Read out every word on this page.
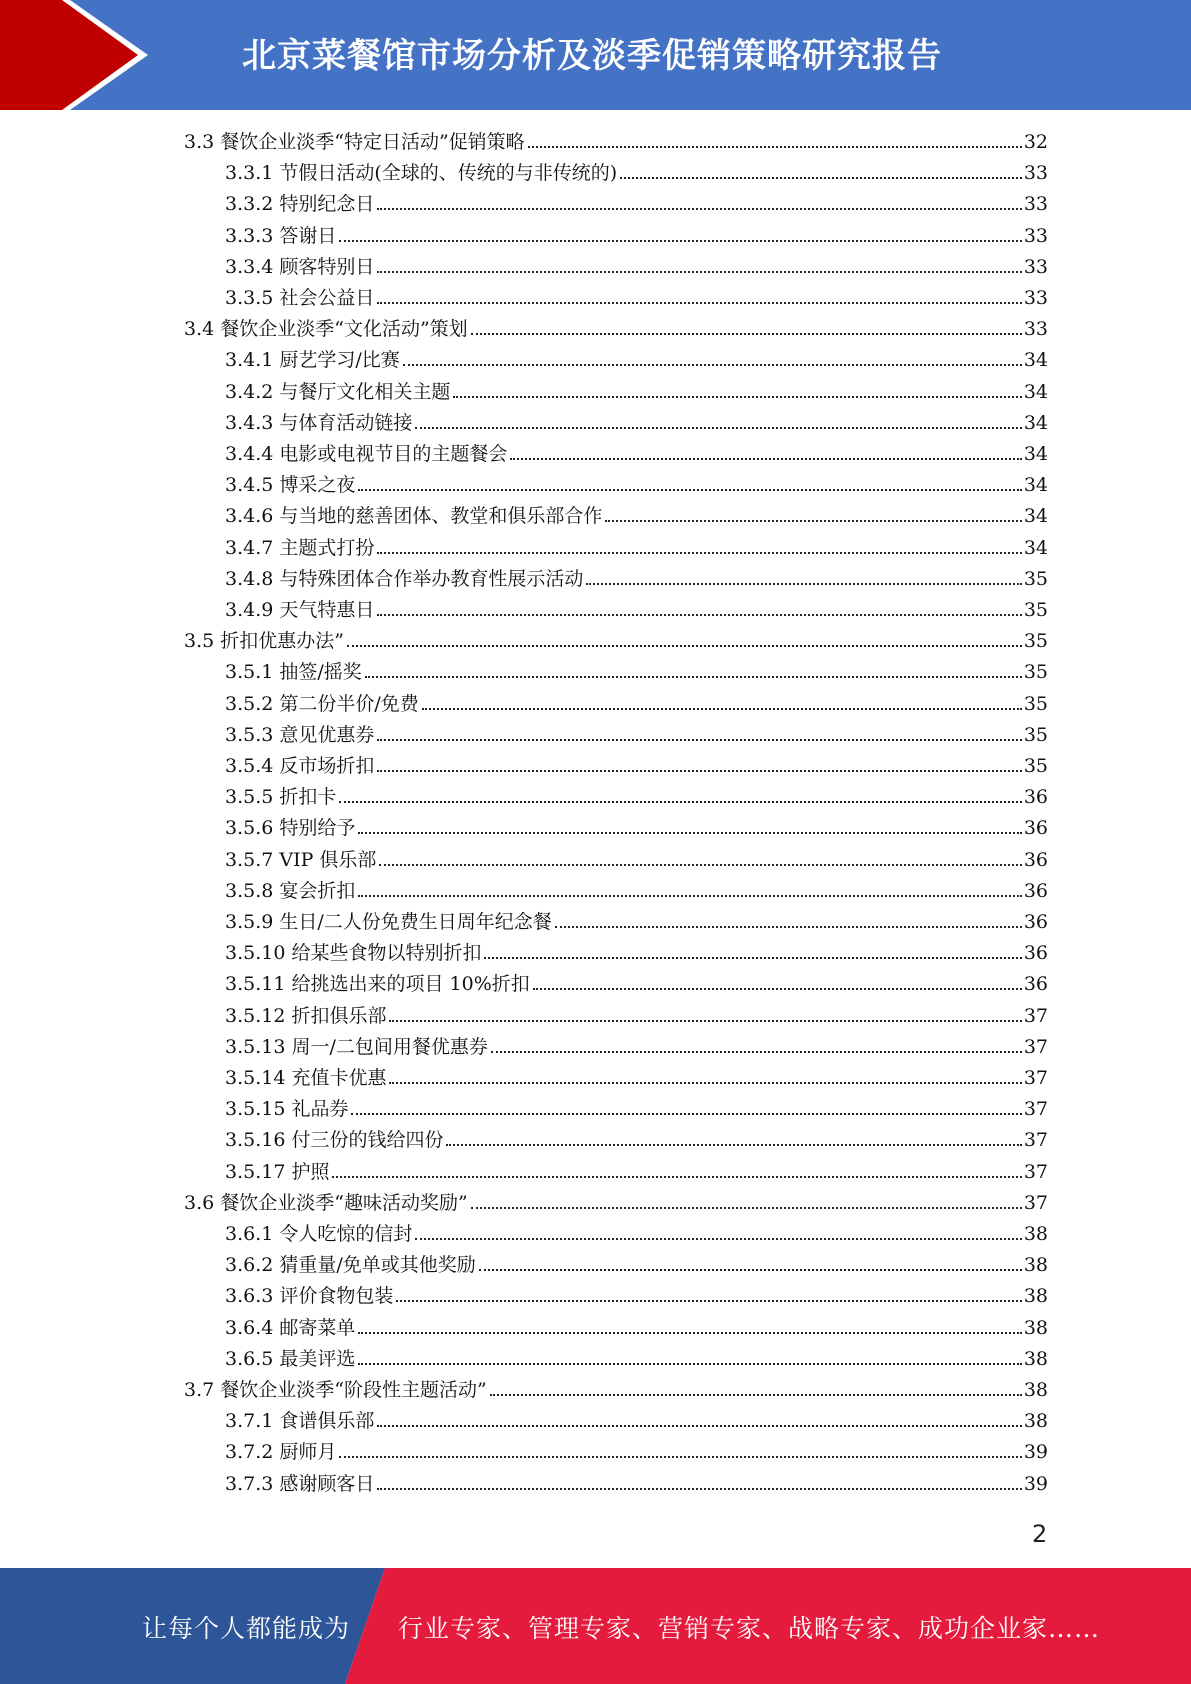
北京菜餐馆市场分析及淡季促销策略研究报告
3.3 餐饮企业淡季“特定日活动”促销策略	32
3.3.1 节假日活动(全球的、传统的与非传统的)	33
3.3.2 特别纪念日	33
3.3.3 答谢日	33
3.3.4 顾客特别日	33
3.3.5 社会公益日	33
3.4 餐饮企业淡季“文化活动”策划	33
3.4.1 厨艺学习/比赛	34
3.4.2 与餐厅文化相关主题	34
3.4.3 与体育活动链接	34
3.4.4 电影或电视节目的主题餐会	34
3.4.5 博采之夜	34
3.4.6 与当地的慈善团体、教堂和俱乐部合作	34
3.4.7 主题式打扮	34
3.4.8 与特殊团体合作举办教育性展示活动	35
3.4.9 天气特惠日	35
3.5 折扣优惠办法”	35
3.5.1 抽签/摇奖	35
3.5.2 第二份半价/免费	35
3.5.3 意见优惠券	35
3.5.4 反市场折扣	35
3.5.5 折扣卡	36
3.5.6 特别给予	36
3.5.7 VIP 俱乐部	36
3.5.8 宴会折扣	36
3.5.9 生日/二人份免费生日周年纪念餐	36
3.5.10 给某些食物以特别折扣	36
3.5.11 给挑选出来的项目 10%折扣	36
3.5.12 折扣俱乐部	37
3.5.13 周一/二包间用餐优惠券	37
3.5.14 充值卡优惠	37
3.5.15 礼品券	37
3.5.16 付三份的钱给四份	37
3.5.17 护照	37
3.6 餐饮企业淡季“趣味活动奖励”	37
3.6.1 令人吃惊的信封	38
3.6.2 猜重量/免单或其他奖励	38
3.6.3 评价食物包装	38
3.6.4 邮寄菜单	38
3.6.5 最美评选	38
3.7 餐饮企业淡季“阶段性主题活动”	38
3.7.1 食谱俱乐部	38
3.7.2 厨师月	39
3.7.3 感谢顾客日	39
2
让每个人都能成为 行业专家、管理专家、营销专家、战略专家、成功企业家……
